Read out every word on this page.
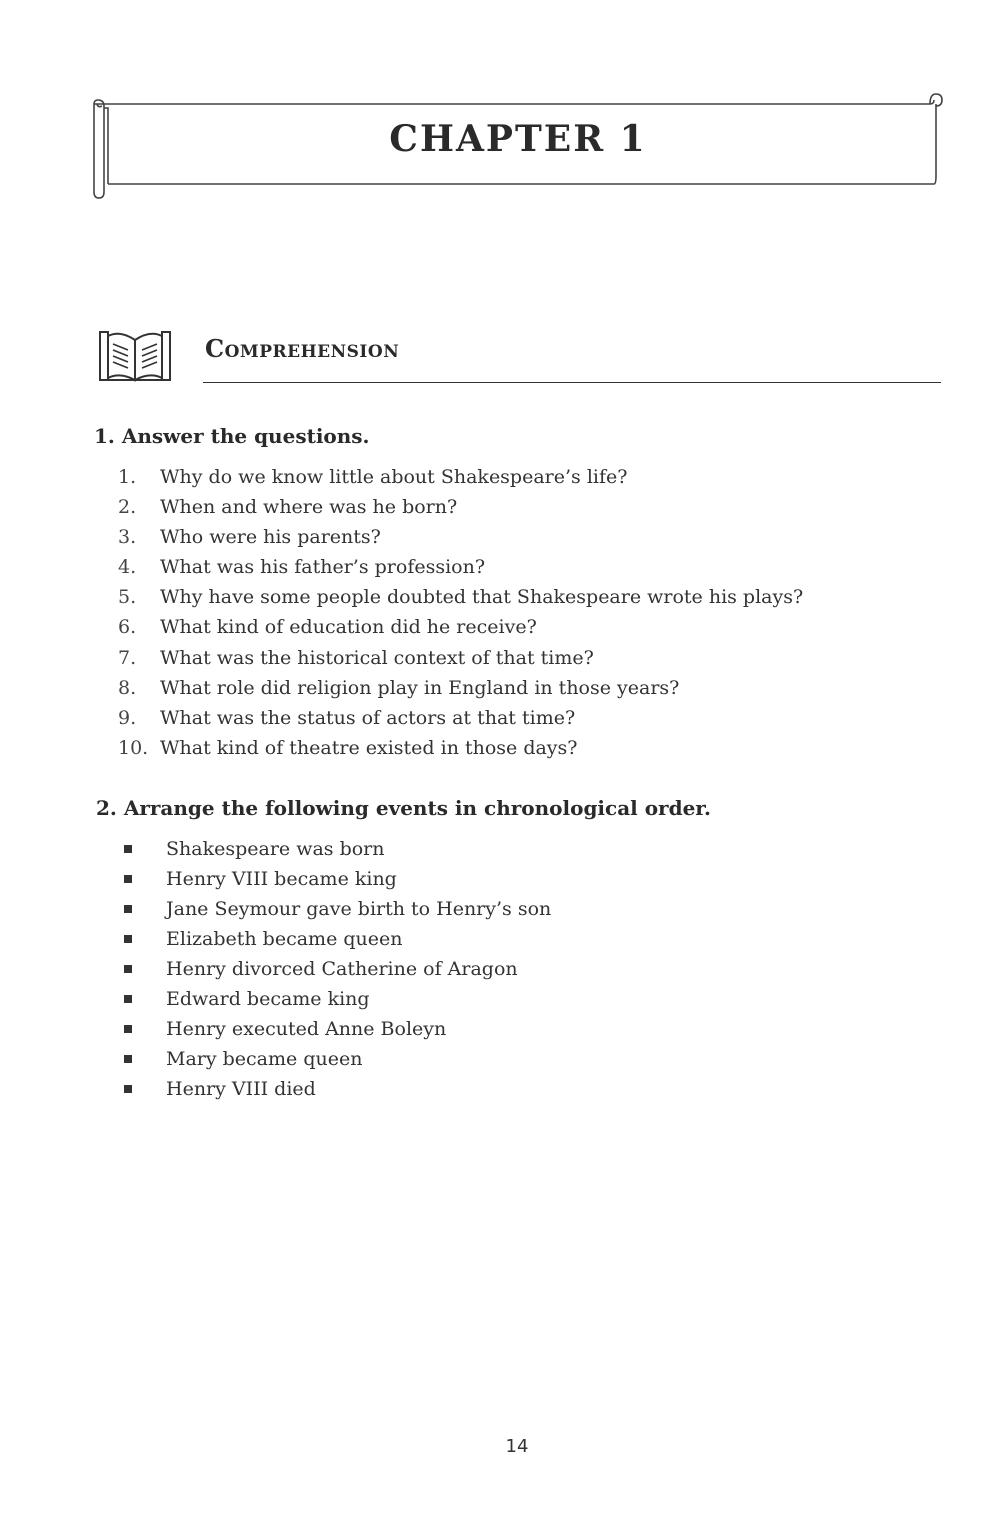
CHAPTER 1
Comprehension
1. Answer the questions.
1.	Why do we know little about Shakespeare’s life?
2.	When and where was he born?
3.	Who were his parents?
4.	What was his father’s profession?
5.	Why have some people doubted that Shakespeare wrote his plays?
6.	What kind of education did he receive?
7.	What was the historical context of that time?
8.	What role did religion play in England in those years?
9.	What was the status of actors at that time?
10. What kind of theatre existed in those days?
2. Arrange the following events in chronological order.
Shakespeare was born
Henry VIII became king
Jane Seymour gave birth to Henry’s son
Elizabeth became queen
Henry divorced Catherine of Aragon
Edward became king
Henry executed Anne Boleyn
Mary became queen
Henry VIII died
14
